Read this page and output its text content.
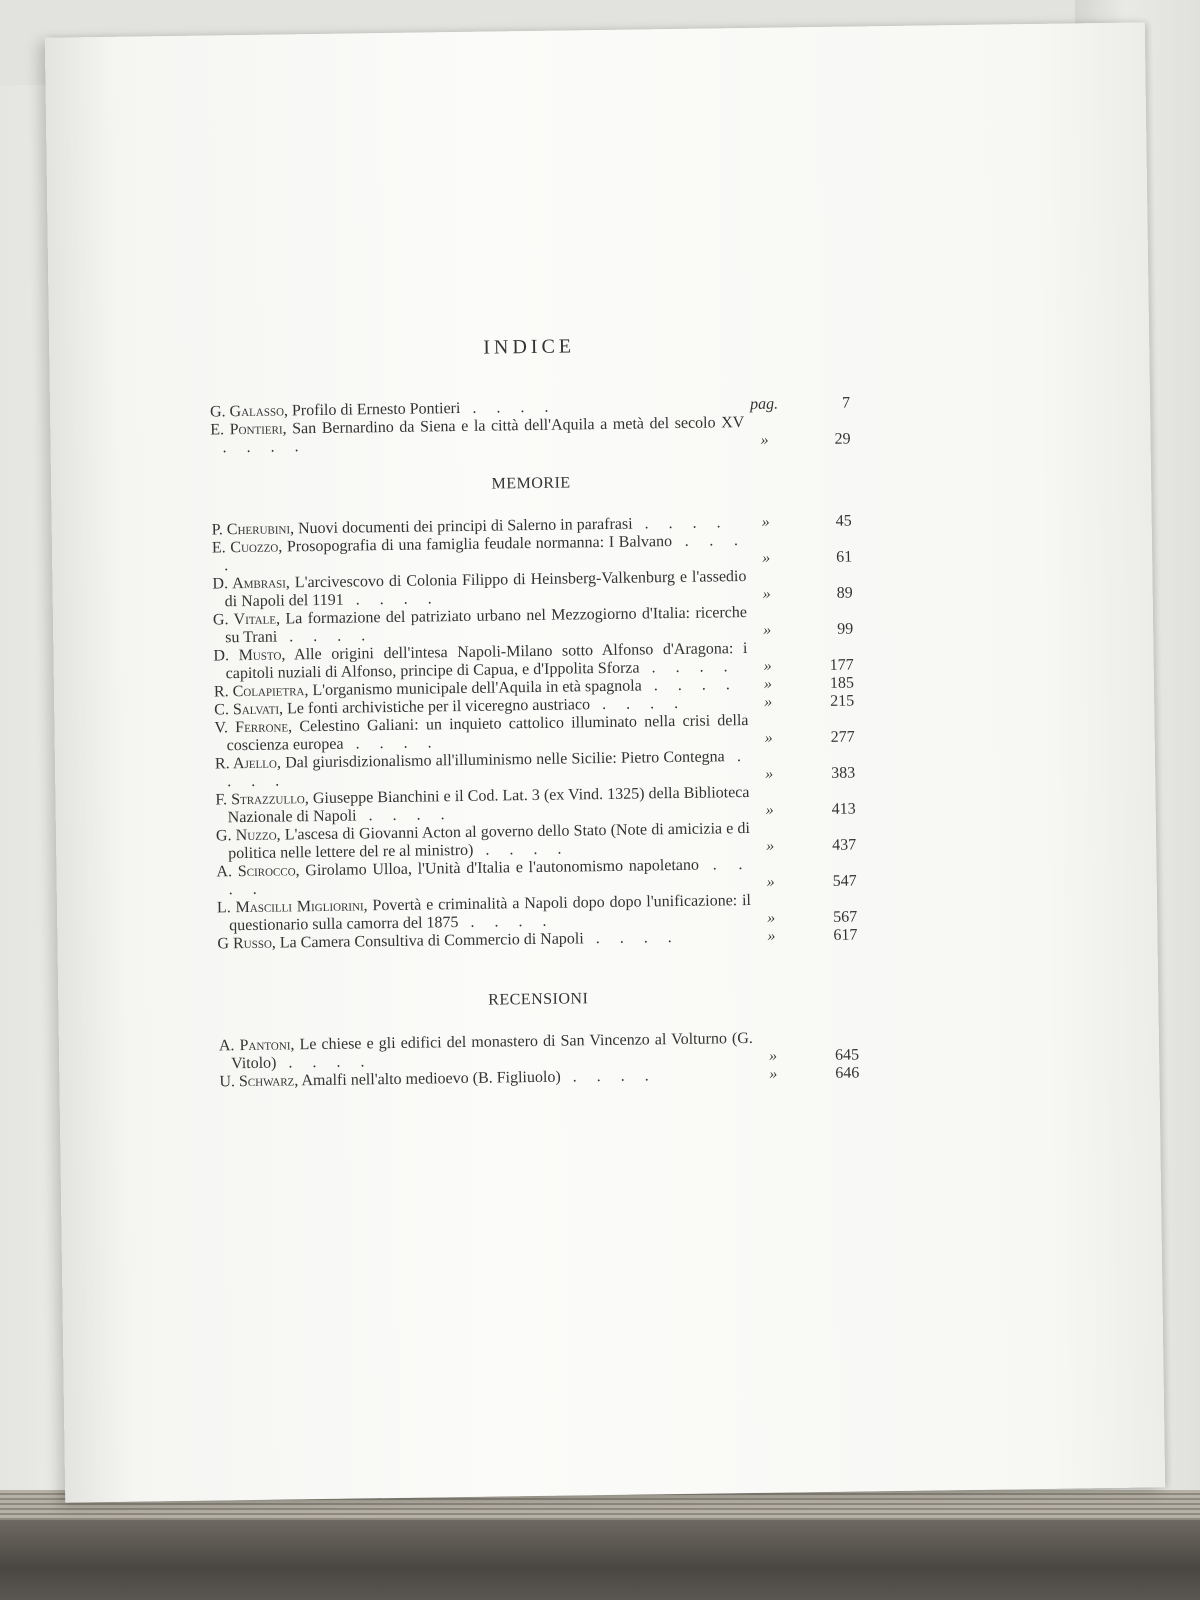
INDICE
G. Galasso, Profilo di Ernesto Pontieri . . . .	pag.	7
E. Pontieri, San Bernardino da Siena e la città dell'Aquila a metà del secolo XV . . . .	»	29
MEMORIE
P. Cherubini, Nuovi documenti dei principi di Salerno in parafrasi . . . .	»	45
E. Cuozzo, Prosopografia di una famiglia feudale normanna: I Balvano . . . .	»	61
D. Ambrasi, L'arcivescovo di Colonia Filippo di Heinsberg-Valkenburg e l'assedio di Napoli del 1191 . . . .	»	89
G. Vitale, La formazione del patriziato urbano nel Mezzogiorno d'Italia: ricerche su Trani . . . .	»	99
D. Musto, Alle origini dell'intesa Napoli-Milano sotto Alfonso d'Aragona: i capitoli nuziali di Alfonso, principe di Capua, e d'Ippolita Sforza . . . .	»	177
R. Colapietra, L'organismo municipale dell'Aquila in età spagnola . . . .	»	185
C. Salvati, Le fonti archivistiche per il viceregno austriaco . . . .	»	215
V. Ferrone, Celestino Galiani: un inquieto cattolico illuminato nella crisi della coscienza europea . . . .	»	277
R. Ajello, Dal giurisdizionalismo all'illuminismo nelle Sicilie: Pietro Contegna . . . .	»	383
F. Strazzullo, Giuseppe Bianchini e il Cod. Lat. 3 (ex Vind. 1325) della Biblioteca Nazionale di Napoli . . . .	»	413
G. Nuzzo, L'ascesa di Giovanni Acton al governo dello Stato (Note di amicizia e di politica nelle lettere del re al ministro) . . . .	»	437
A. Scirocco, Girolamo Ulloa, l'Unità d'Italia e l'autonomismo napoletano . . . .	»	547
L. Mascilli Migliorini, Povertà e criminalità a Napoli dopo dopo l'unificazione: il questionario sulla camorra del 1875 . . . .	»	567
G Russo, La Camera Consultiva di Commercio di Napoli . . . .	»	617
RECENSIONI
A. Pantoni, Le chiese e gli edifici del monastero di San Vincenzo al Volturno (G. Vitolo) . . . .	»	645
U. Schwarz, Amalfi nell'alto medioevo (B. Figliuolo) . . . .	»	646
